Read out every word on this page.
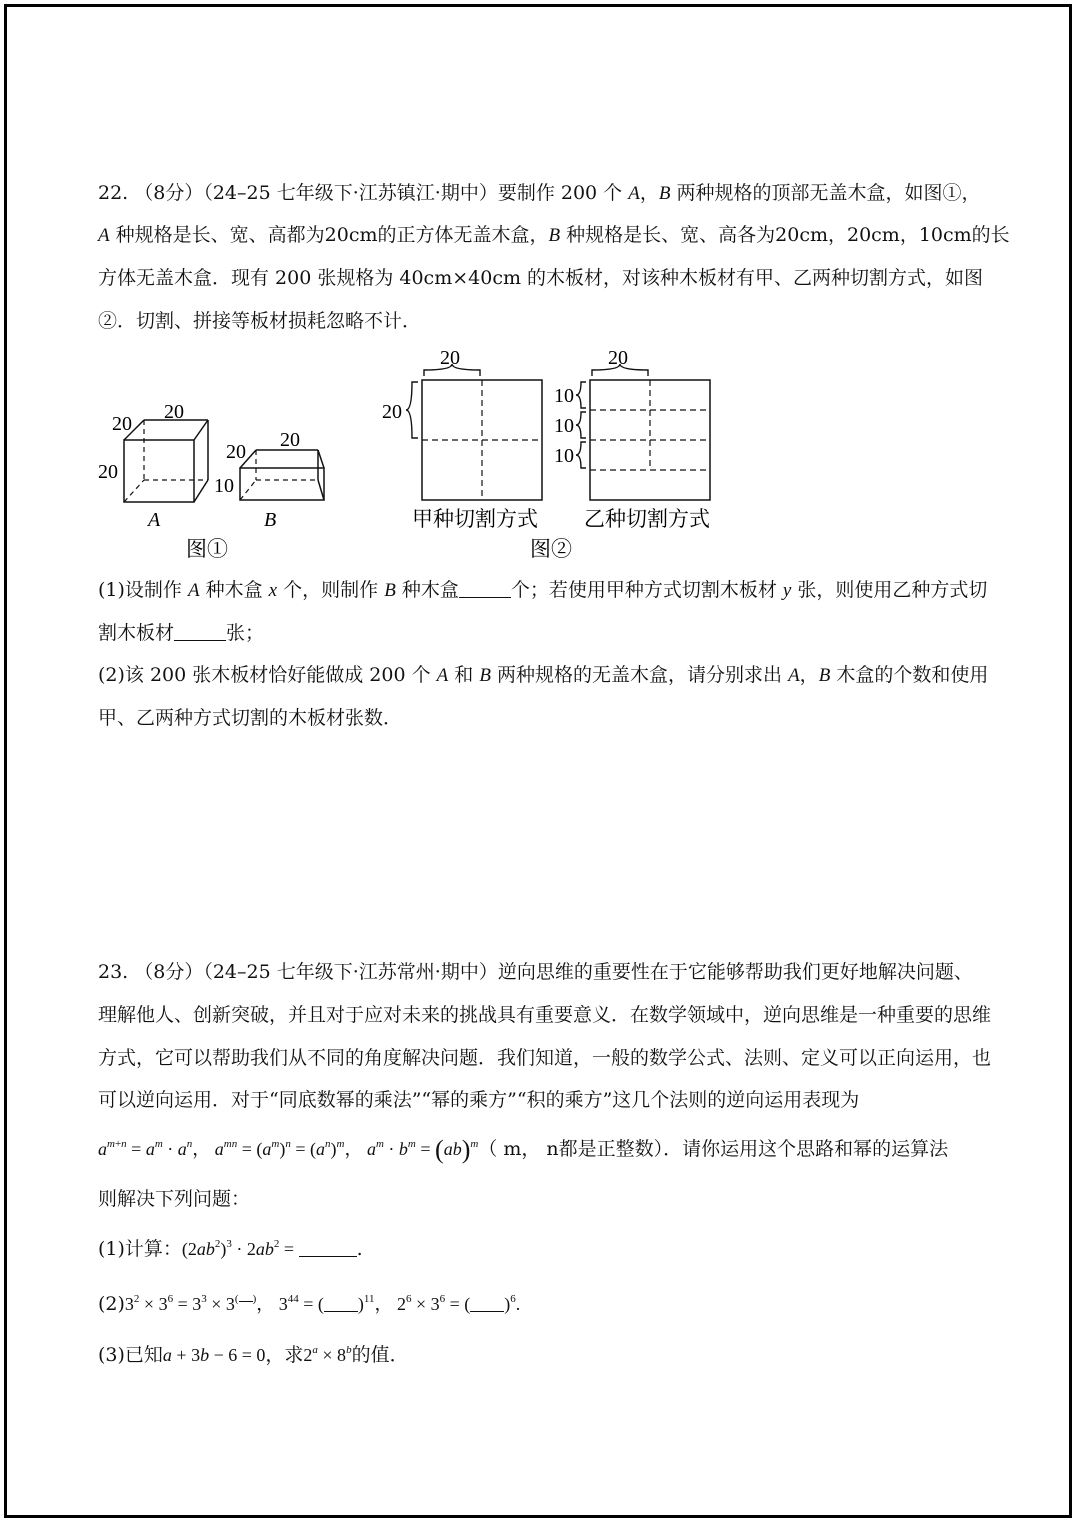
22. （8分）（24–25 七年级下·江苏镇江·期中）要制作 200 个 A，B 两种规格的顶部无盖木盒，如图①，
A 种规格是长、宽、高都为20cm的正方体无盖木盒，B 种规格是长、宽、高各为20cm，20cm，10cm的长
方体无盖木盒．现有 200 张规格为 40cm×40cm 的木板材，对该种木板材有甲、乙两种切割方式，如图
②．切割、拼接等板材损耗忽略不计．
20
20
20
A
20
20
10
B
图①
20
20
甲种切割方式
20
10
10
10
乙种切割方式
图②
(1)设制作 A 种木盒 x 个，则制作 B 种木盒	个；若使用甲种方式切割木板材 y 张，则使用乙种方式切
割木板材	张；
(2)该 200 张木板材恰好能做成 200 个 A 和 B 两种规格的无盖木盒，请分别求出 A，B 木盒的个数和使用
甲、乙两种方式切割的木板材张数．
23. （8分）（24–25 七年级下·江苏常州·期中）逆向思维的重要性在于它能够帮助我们更好地解决问题、
理解他人、创新突破，并且对于应对未来的挑战具有重要意义．在数学领域中，逆向思维是一种重要的思维
方式，它可以帮助我们从不同的角度解决问题．我们知道，一般的数学公式、法则、定义可以正向运用，也
可以逆向运用．对于“同底数幂的乘法”“幂的乘方”“积的乘方”这几个法则的逆向运用表现为
$a^{m+n} = a^m \cdot a^n$， $a^{mn} = (a^m)^n = (a^n)^m$， $a^m \cdot b^m = (ab)^m$（ m， n都是正整数）．请你运用这个思路和幂的运算法
则解决下列问题：
(1)计算：$(2ab^2)^3 \cdot 2ab^2$ =	.
$(2)3^2 \times 3^6 = 3^3 \times 3^{( )}$， $3^{44}$ = ( )$^{11}$， $2^6 \times 3^6$ = ( )$^6$.
(3)已知a + 3b − 6 = 0，求$2^a \times 8^b$的值．
